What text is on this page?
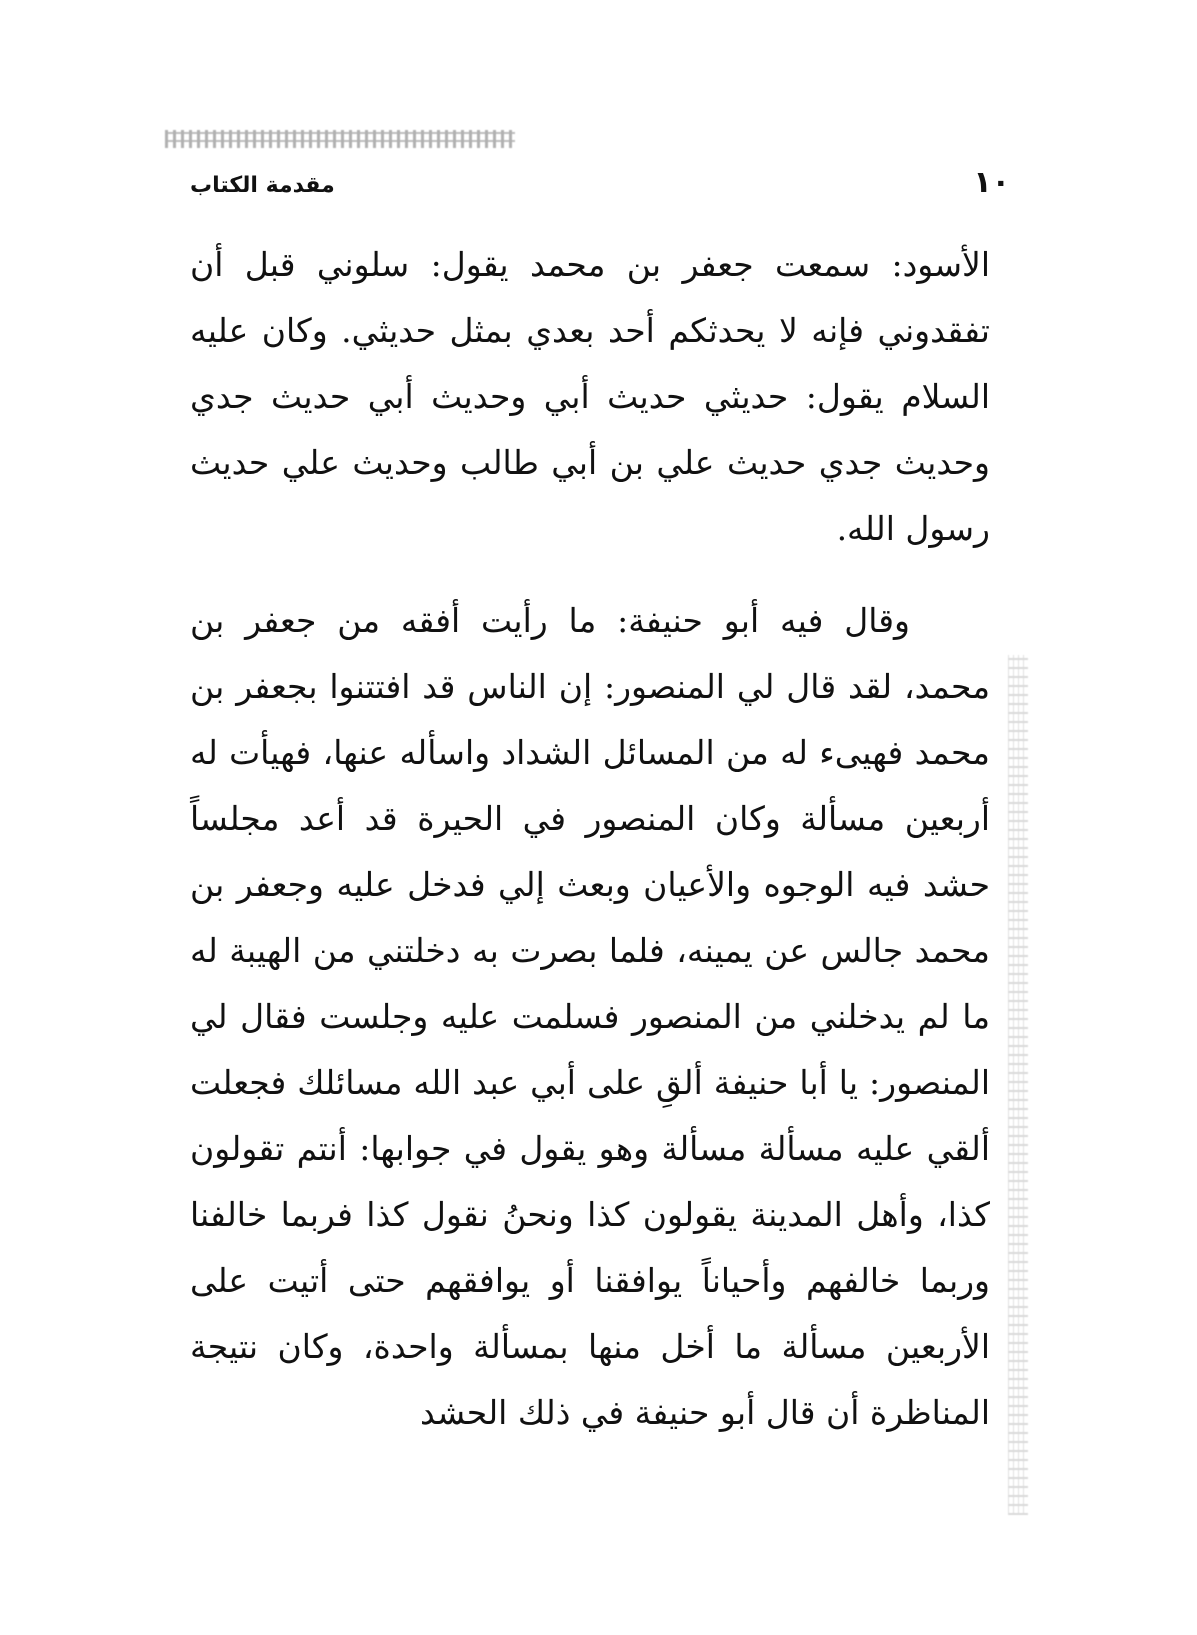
١٠
مقدمة الكتاب

الأسود: سمعت جعفر بن محمد يقول: سلوني قبل أن تفقدوني فإنه لا يحدثكم أحد بعدي بمثل حديثي. وكان عليه السلام يقول: حديثي حديث أبي وحديث أبي حديث جدي وحديث جدي حديث علي بن أبي طالب وحديث علي حديث رسول الله.

وقال فيه أبو حنيفة: ما رأيت أفقه من جعفر بن محمد، لقد قال لي المنصور: إن الناس قد افتتنوا بجعفر بن محمد فهيىء له من المسائل الشداد واسأله عنها، فهيأت له أربعين مسألة وكان المنصور في الحيرة قد أعد مجلساً حشد فيه الوجوه والأعيان وبعث إلي فدخل عليه وجعفر بن محمد جالس عن يمينه، فلما بصرت به دخلتني من الهيبة له ما لم يدخلني من المنصور فسلمت عليه وجلست فقال لي المنصور: يا أبا حنيفة ألقِ على أبي عبد الله مسائلك فجعلت ألقي عليه مسألة مسألة وهو يقول في جوابها: أنتم تقولون كذا، وأهل المدينة يقولون كذا ونحنُ نقول كذا فربما خالفنا وربما خالفهم وأحياناً يوافقنا أو يوافقهم حتى أتيت على الأربعين مسألة ما أخل منها بمسألة واحدة، وكان نتيجة المناظرة أن قال أبو حنيفة في ذلك الحشد
